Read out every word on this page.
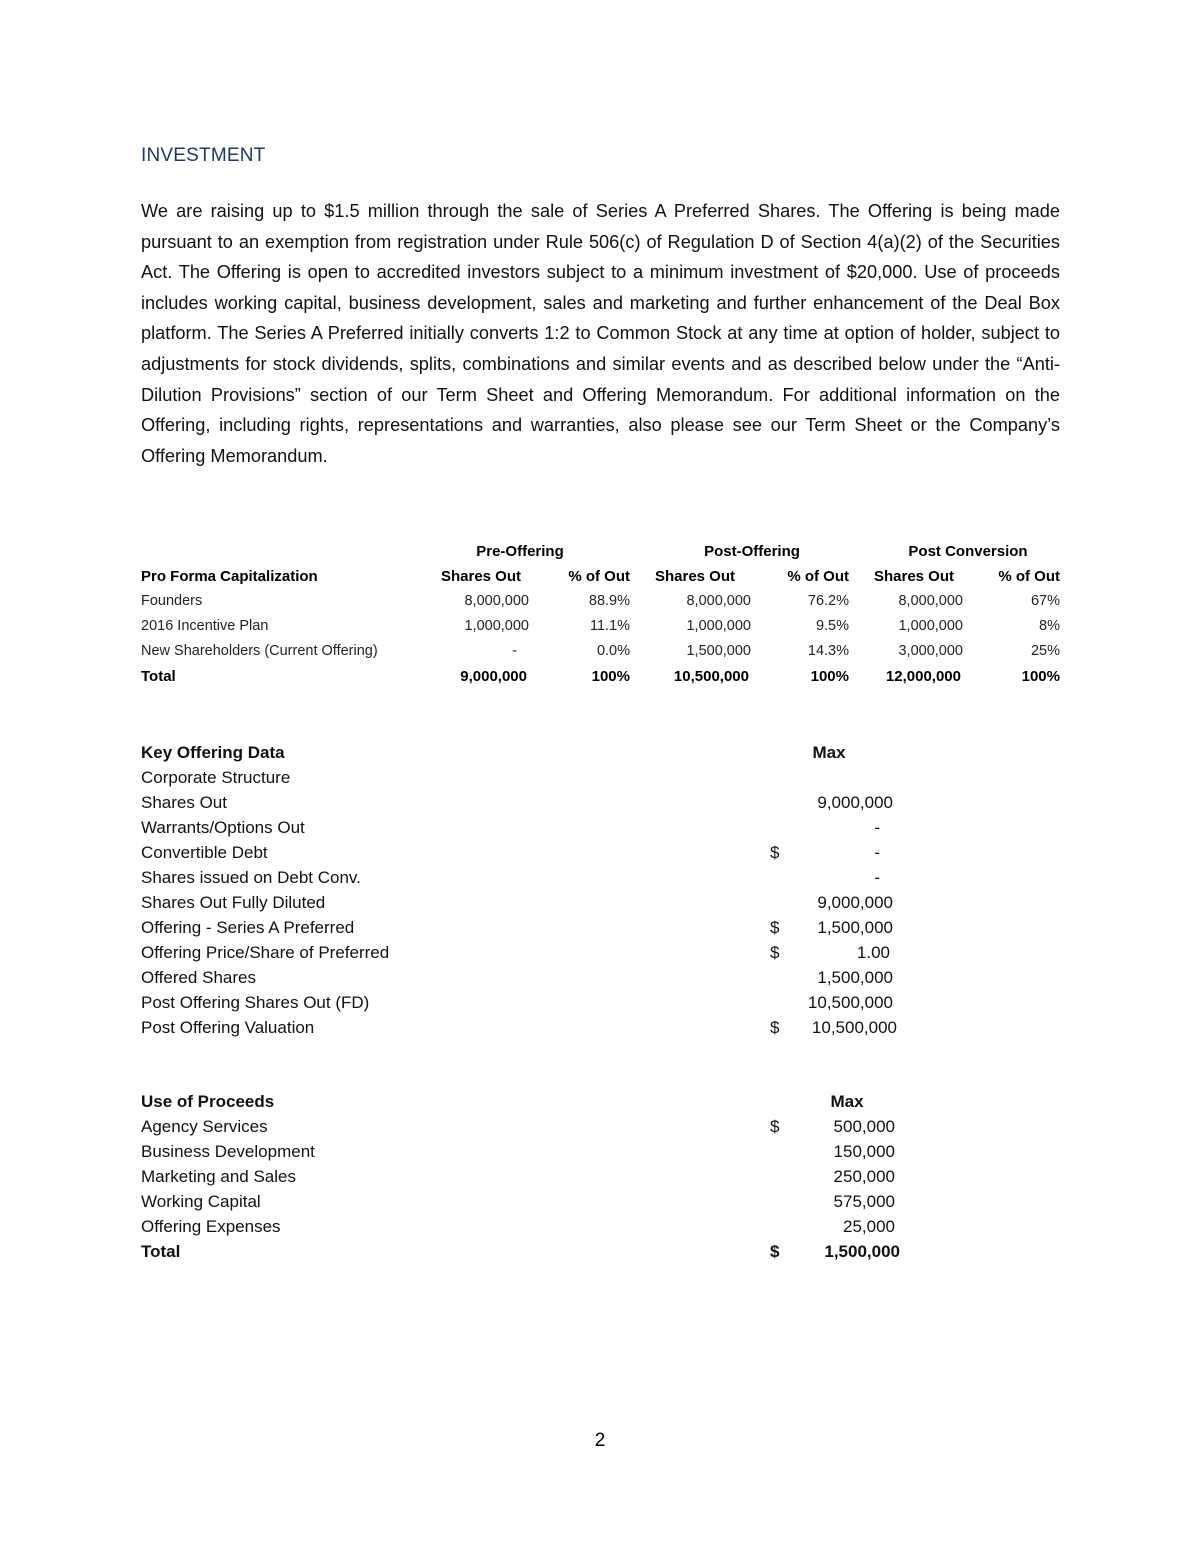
INVESTMENT
We are raising up to $1.5 million through the sale of Series A Preferred Shares. The Offering is being made pursuant to an exemption from registration under Rule 506(c) of Regulation D of Section 4(a)(2) of the Securities Act. The Offering is open to accredited investors subject to a minimum investment of $20,000. Use of proceeds includes working capital, business development, sales and marketing and further enhancement of the Deal Box platform. The Series A Preferred initially converts 1:2 to Common Stock at any time at option of holder, subject to adjustments for stock dividends, splits, combinations and similar events and as described below under the “Anti-Dilution Provisions” section of our Term Sheet and Offering Memorandum. For additional information on the Offering, including rights, representations and warranties, also please see our Term Sheet or the Company’s Offering Memorandum.
Pre-Offering	Post-Offering	Post Conversion
Pro Forma Capitalization	Shares Out	% of Out	Shares Out	% of Out	Shares Out	% of Out
Founders	8,000,000	88.9%	8,000,000	76.2%	8,000,000	67%
2016 Incentive Plan	1,000,000	11.1%	1,000,000	9.5%	1,000,000	8%
New Shareholders (Current Offering)	-	0.0%	1,500,000	14.3%	3,000,000	25%
Total	9,000,000	100%	10,500,000	100%	12,000,000	100%
Key Offering Data	Max
Corporate Structure
Shares Out	9,000,000
Warrants/Options Out	-
Convertible Debt	$	-
Shares issued on Debt Conv.	-
Shares Out Fully Diluted	9,000,000
Offering - Series A Preferred	$	1,500,000
Offering Price/Share of Preferred	$	1.00
Offered Shares	1,500,000
Post Offering Shares Out (FD)	10,500,000
Post Offering Valuation	$	10,500,000
Use of Proceeds	Max
Agency Services	$	500,000
Business Development	150,000
Marketing and Sales	250,000
Working Capital	575,000
Offering Expenses	25,000
Total	$	1,500,000
2
